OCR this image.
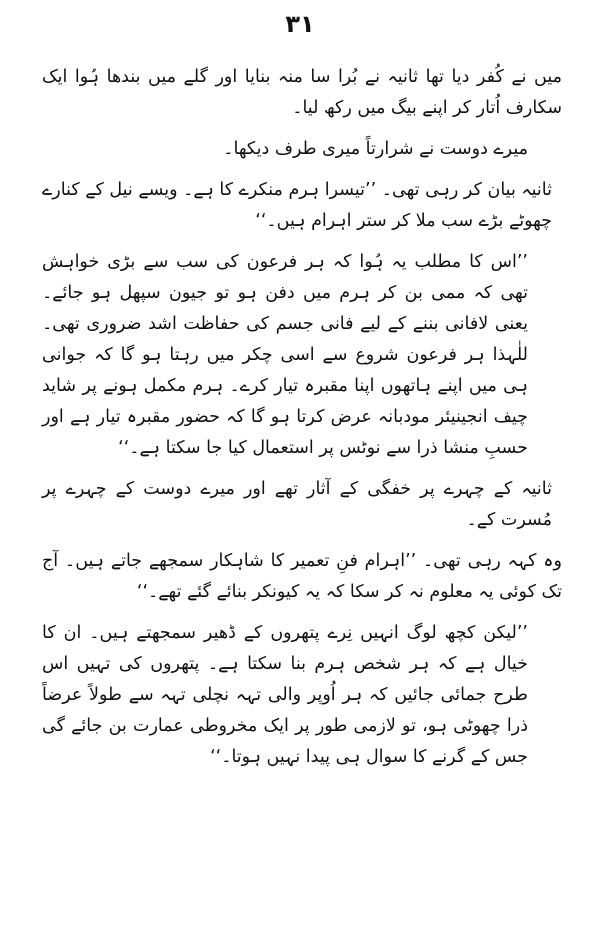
۳۱

میں نے کُفر دیا تھا ثانیہ نے بُرا سا منہ بنایا اور گلے میں بندھا ہُوا ایک سکارف اُتار کر اپنے بیگ میں رکھ لیا۔

میرے دوست نے شرارتاً میری طرف دیکھا۔

ثانیہ بیان کر رہی تھی۔ ’’تیسرا ہرم منکرے کا ہے۔ ویسے نیل کے کنارے چھوٹے بڑے سب ملا کر ستر اہرام ہیں۔‘‘

’’اس کا مطلب یہ ہُوا کہ ہر فرعون کی سب سے بڑی خواہش تھی کہ ممی بن کر ہرم میں دفن ہو تو جیون سپھل ہو جائے۔ یعنی لافانی بننے کے لیے فانی جسم کی حفاظت اشد ضروری تھی۔ للٰہذا ہر فرعون شروع سے اسی چکر میں رہتا ہو گا کہ جوانی ہی میں اپنے ہاتھوں اپنا مقبرہ تیار کرے۔ ہرم مکمل ہونے پر شاید چیف انجینیئر مودبانہ عرض کرتا ہو گا کہ حضور مقبرہ تیار ہے اور حسبِ منشا ذرا سے نوٹس پر استعمال کیا جا سکتا ہے۔‘‘

ثانیہ کے چہرے پر خفگی کے آثار تھے اور میرے دوست کے چہرے پر مُسرت کے۔

وہ کہہ رہی تھی۔ ’’اہرام فنِ تعمیر کا شاہکار سمجھے جاتے ہیں۔ آج تک کوئی یہ معلوم نہ کر سکا کہ یہ کیونکر بنائے گئے تھے۔‘‘

’’لیکن کچھ لوگ انہیں نِرے پتھروں کے ڈھیر سمجھتے ہیں۔ ان کا خیال ہے کہ ہر شخص ہرم بنا سکتا ہے۔ پتھروں کی تہیں اس طرح جمائی جائیں کہ ہر اُوپر والی تہہ نچلی تہہ سے طولاً عرضاً ذرا چھوٹی ہو، تو لازمی طور پر ایک مخروطی عمارت بن جائے گی جس کے گرنے کا سوال ہی پیدا نہیں ہوتا۔‘‘
